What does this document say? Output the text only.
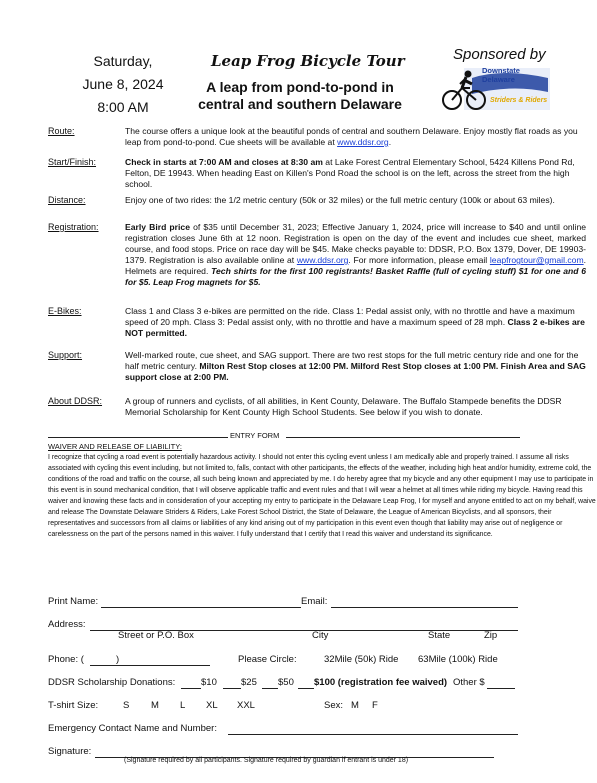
Saturday,
June 8, 2024
8:00 AM
Leap Frog Bicycle Tour
A leap from pond-to-pond in
central and southern Delaware
Sponsored by
Downstate Delaware
Striders & Riders
Route:	The course offers a unique look at the beautiful ponds of central and southern Delaware. Enjoy mostly flat roads as you leap from pond-to-pond. Cue sheets will be available at www.ddsr.org.
Start/Finish:	Check in starts at 7:00 AM and closes at 8:30 am at Lake Forest Central Elementary School, 5424 Killens Pond Rd, Felton, DE 19943. When heading East on Killen's Pond Road the school is on the left, across the street from the high school.
Distance:	Enjoy one of two rides: the 1/2 metric century (50k or 32 miles) or the full metric century (100k or about 63 miles).
Registration:	Early Bird price of $35 until December 31, 2023; Effective January 1, 2024, price will increase to $40 and until online registration closes June 6th at 12 noon. Registration is open on the day of the event and includes cue sheet, marked course, and food stops. Price on race day will be $45. Make checks payable to: DDSR, P.O. Box 1379, Dover, DE 19903-1379. Registration is also available online at www.ddsr.org. For more information, please email leapfrogtour@gmail.com. Helmets are required. Tech shirts for the first 100 registrants! Basket Raffle (full of cycling stuff) $1 for one and 6 for $5. Leap Frog magnets for $5.
E-Bikes:	Class 1 and Class 3 e-bikes are permitted on the ride. Class 1: Pedal assist only, with no throttle and have a maximum speed of 20 mph. Class 3: Pedal assist only, with no throttle and have a maximum speed of 28 mph. Class 2 e-bikes are NOT permitted.
Support:	Well-marked route, cue sheet, and SAG support. There are two rest stops for the full metric century ride and one for the half metric century. Milton Rest Stop closes at 12:00 PM. Milford Rest Stop closes at 1:00 PM. Finish Area and SAG support close at 2:00 PM.
About DDSR:	A group of runners and cyclists, of all abilities, in Kent County, Delaware. The Buffalo Stampede benefits the DDSR Memorial Scholarship for Kent County High School Students. See below if you wish to donate.
ENTRY FORM
WAIVER AND RELEASE OF LIABILITY:
I recognize that cycling a road event is potentially hazardous activity. I should not enter this cycling event unless I am medically able and properly trained. I assume all risks associated with cycling this event including, but not limited to, falls, contact with other participants, the effects of the weather, including high heat and/or humidity, extreme cold, the conditions of the road and traffic on the course, all such being known and appreciated by me. I do hereby agree that my bicycle and any other equipment I may use to participate in this event is in sound mechanical condition, that I will observe applicable traffic and event rules and that I will wear a helmet at all times while riding my bicycle. Having read this waiver and knowing these facts and in consideration of your accepting my entry to participate in the Delaware Leap Frog, I for myself and anyone entitled to act on my behalf, waive and release The Downstate Delaware Striders & Riders, Lake Forest School District, the State of Delaware, the League of American Bicyclists, and all sponsors, their representatives and successors from all claims or liabilities of any kind arising out of my participation in this event even though that liability may arise out of negligence or carelessness on the part of the persons named in this waiver. I fully understand that I certify that I read this waiver and understand its significance.
Print Name:	Email:
Address:
Street or P.O. Box	City	State	Zip
Phone: (	)	Please Circle:	32Mile (50k) Ride 63Mile (100k) Ride
DDSR Scholarship Donations:	$10	$25 $50 $100 (registration fee waived) Other $
T-shirt Size:	S M L XL XXL	Sex: M F
Emergency Contact Name and Number:
Signature:
(Signature required by all participants. Signature required by guardian if entrant is under 18)
